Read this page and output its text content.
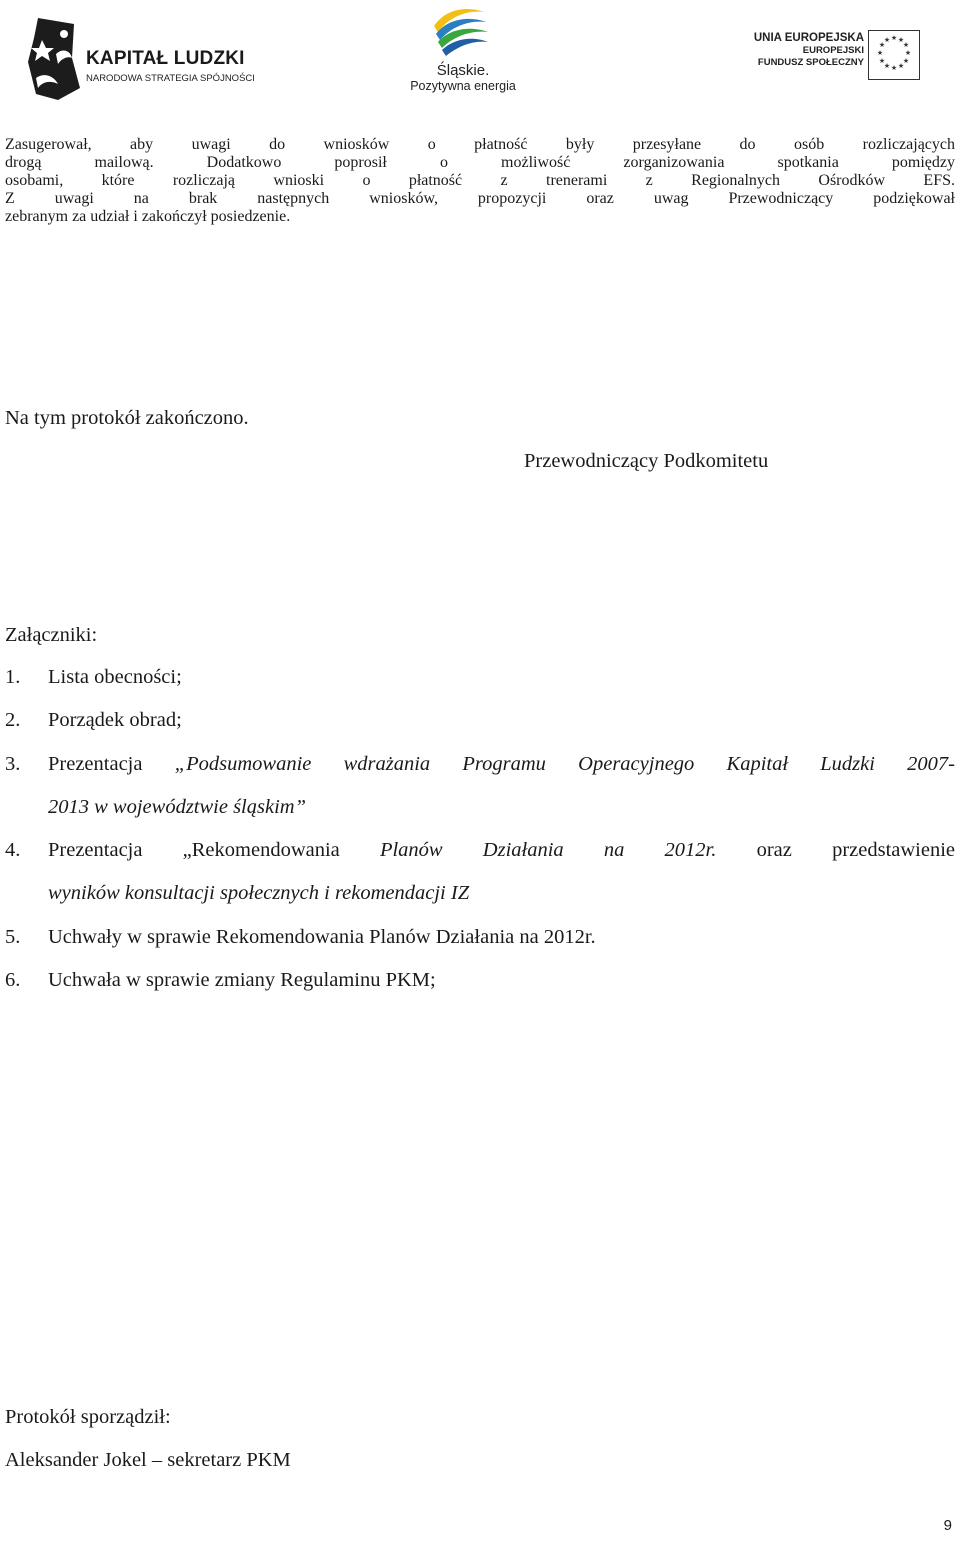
KAPITAŁ LUDZKI
NARODOWA STRATEGIA SPÓJNOŚCI	Śląskie.
Pozytywna energia
UNIA EUROPEJSKA
EUROPEJSKI
FUNDUSZ SPOŁECZNY
★ ★
★
★
★
★
★
★
★
★
★
★
Zasugerował, aby uwagi do wniosków o płatność były przesyłane do osób rozliczających
drogą mailową. Dodatkowo poprosił o możliwość zorganizowania spotkania pomiędzy
osobami, które rozliczają wnioski o płatność z trenerami z Regionalnych Ośrodków EFS.
Z uwagi na brak następnych wniosków, propozycji oraz uwag Przewodniczący podziękował
zebranym za udział i zakończył posiedzenie.
Na tym protokół zakończono.
Przewodniczący Podkomitetu
Załączniki:
1. Lista obecności;
2. Porządek obrad;
3. Prezentacja „Podsumowanie wdrażania Programu Operacyjnego Kapitał Ludzki 2007-
2013 w województwie śląskim”
4. Prezentacja „Rekomendowania Planów Działania na 2012r. oraz przedstawienie
wyników konsultacji społecznych i rekomendacji IZ
5. Uchwały w sprawie Rekomendowania Planów Działania na 2012r.
6. Uchwała w sprawie zmiany Regulaminu PKM;
Protokół sporządził:
Aleksander Jokel – sekretarz PKM
9
